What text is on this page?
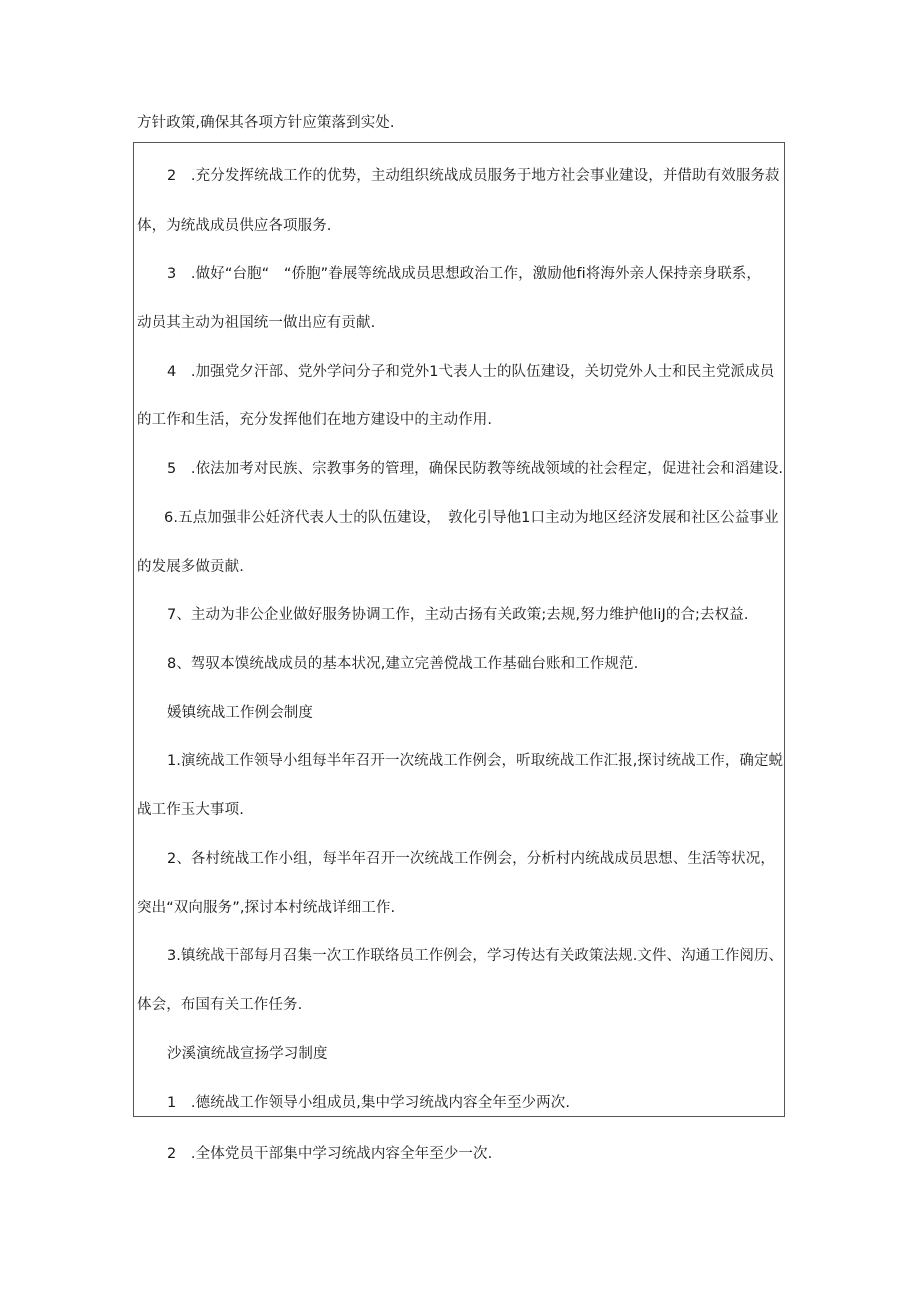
方针政策,确保其各项方针应策落到实处.
2　.充分发挥统战工作的优势，主动组织统战成员服务于地方社会事业建设，并借助有效服务菽
体，为统战成员供应各项服务.
3　.做好“台胞“　“侨胞”眷展等统战成员思想政治工作，激励他fi将海外亲人保持亲身联系，
动员其主动为祖国统一做出应有贡献.
4　.加强党夕汗部、党外学问分子和党外1弋表人士的队伍建设，关切党外人士和民主党派成员
的工作和生活，充分发挥他们在地方建设中的主动作用.
5　.依法加考对民族、宗教事务的管理，确保民防教等统战领域的社会程定，促进社会和滔建设.
6.五点加强非公妊济代表人士的队伍建设，　敦化引导他1口主动为地区经济发展和社区公益事业
的发展多做贡献.
7、主动为非公企业做好服务协调工作，主动古扬有关政策;去规,努力维护他liJ的合;去权益.
8、驾驭本馍统战成员的基本状况,建立完善傥战工作基础台账和工作规范.
媛镇统战工作例会制度
1.演统战工作领导小组每半年召开一次统战工作例会，听取统战工作汇报,探讨统战工作，确定蜕
战工作玉大事项.
2、各村统战工作小组，每半年召开一次统战工作例会，分析村内统战成员思想、生活等状况，
突出“双向服务”,探讨本村统战详细工作.
3.镇统战干部每月召集一次工作联络员工作例会，学习传达有关政策法规.文件、沟通工作阅历、
体会，布国有关工作任务.
沙溪演统战宣扬学习制度
1　.德统战工作领导小组成员,集中学习统战内容全年至少两次.
2　.全体党员干部集中学习统战内容全年至少一次.
